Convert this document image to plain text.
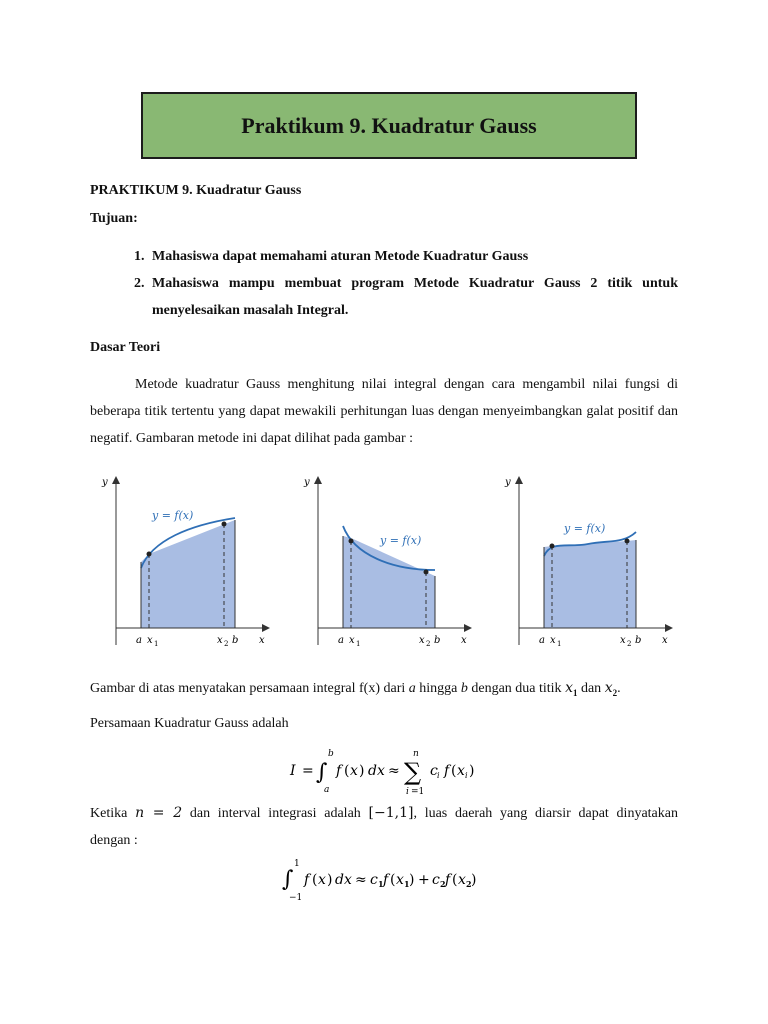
Praktikum 9. Kuadratur Gauss
PRAKTIKUM 9. Kuadratur Gauss
Tujuan:
1. Mahasiswa dapat memahami aturan Metode Kuadratur Gauss
2. Mahasiswa mampu membuat program Metode Kuadratur Gauss 2 titik untuk
menyelesaikan masalah Integral.
Dasar Teori
Metode kuadratur Gauss menghitung nilai integral dengan cara mengambil nilai fungsi di beberapa titik tertentu yang dapat mewakili perhitungan luas dengan menyeimbangkan galat positif dan negatif. Gambaran metode ini dapat dilihat pada gambar :
y
y = f(x)
a x 1	x 2 b x
y
y = f(x)
a x 1	x 2 b x
y
y = f(x)
a x 1	x 2 b x
Gambar di atas menyatakan persamaan integral f(x) dari a hingga b dengan dua titik $x_1$ dan $x_2$.
Persamaan Kuadratur Gauss adalah
I = ∫
b
a
f ( x ) dx ≈ ∑
n
i =1
c i f ( x i )
Ketika n = 2 dan interval integrasi adalah [−1,1], luas daerah yang diarsir dapat dinyatakan
dengan :
∫
1
−1
f ( x ) dx ≈ c 1 f ( x 1 ) + c 2 f ( x 2 )
